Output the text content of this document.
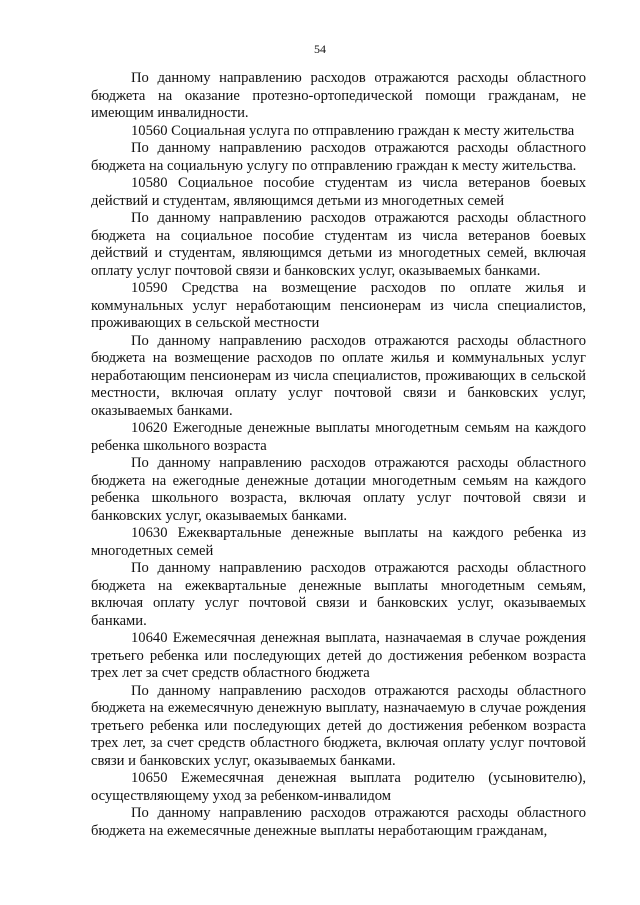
54

По данному направлению расходов отражаются расходы областного бюджета на оказание протезно-ортопедической помощи гражданам, не имеющим инвалидности.

10560 Социальная услуга по отправлению граждан к месту жительства

По данному направлению расходов отражаются расходы областного бюджета на социальную услугу по отправлению граждан к месту жительства.

10580 Социальное пособие студентам из числа ветеранов боевых действий и студентам, являющимся детьми из многодетных семей

По данному направлению расходов отражаются расходы областного бюджета на социальное пособие студентам из числа ветеранов боевых действий и студентам, являющимся детьми из многодетных семей, включая оплату услуг почтовой связи и банковских услуг, оказываемых банками.

10590 Средства на возмещение расходов по оплате жилья и коммунальных услуг неработающим пенсионерам из числа специалистов, проживающих в сельской местности

По данному направлению расходов отражаются расходы областного бюджета на возмещение расходов по оплате жилья и коммунальных услуг неработающим пенсионерам из числа специалистов, проживающих в сельской местности, включая оплату услуг почтовой связи и банковских услуг, оказываемых банками.

10620 Ежегодные денежные выплаты многодетным семьям на каждого ребенка школьного возраста

По данному направлению расходов отражаются расходы областного бюджета на ежегодные денежные дотации многодетным семьям на каждого ребенка школьного возраста, включая оплату услуг почтовой связи и банковских услуг, оказываемых банками.

10630 Ежеквартальные денежные выплаты на каждого ребенка из многодетных семей

По данному направлению расходов отражаются расходы областного бюджета на ежеквартальные денежные выплаты многодетным семьям, включая оплату услуг почтовой связи и банковских услуг, оказываемых банками.

10640 Ежемесячная денежная выплата, назначаемая в случае рождения третьего ребенка или последующих детей до достижения ребенком возраста трех лет за счет средств областного бюджета

По данному направлению расходов отражаются расходы областного бюджета на ежемесячную денежную выплату, назначаемую в случае рождения третьего ребенка или последующих детей до достижения ребенком возраста трех лет, за счет средств областного бюджета, включая оплату услуг почтовой связи и банковских услуг, оказываемых банками.

10650 Ежемесячная денежная выплата родителю (усыновителю), осуществляющему уход за ребенком-инвалидом

По данному направлению расходов отражаются расходы областного бюджета на ежемесячные денежные выплаты неработающим гражданам,
